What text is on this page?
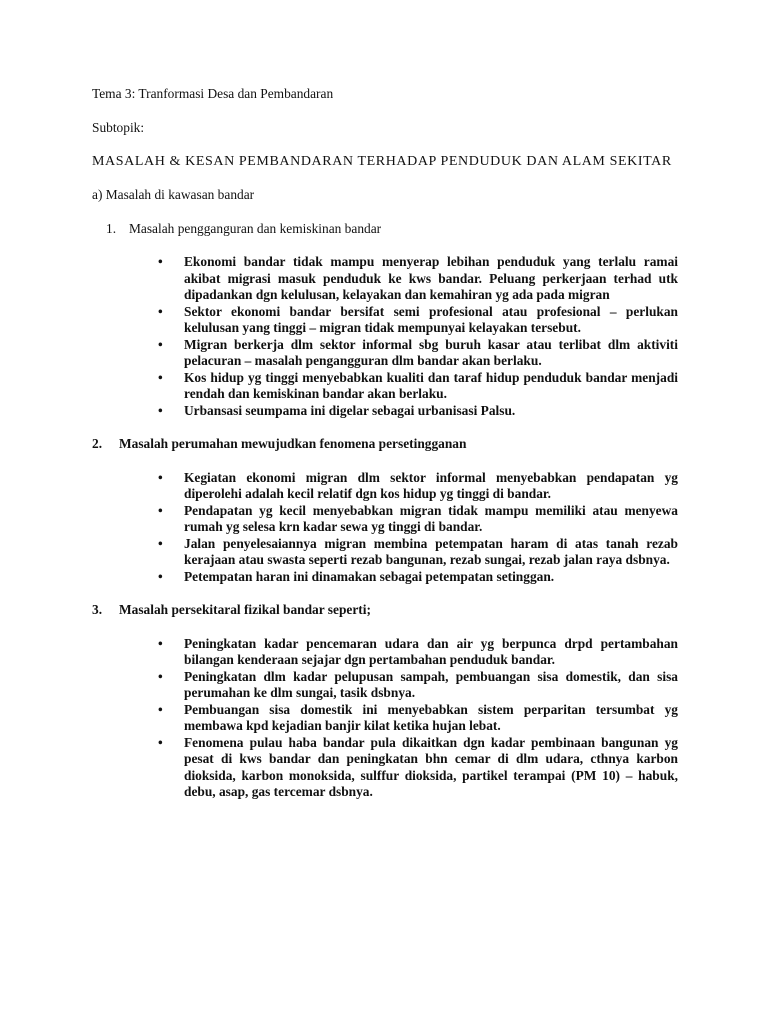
Tema 3: Tranformasi Desa dan Pembandaran

Subtopik:

MASALAH & KESAN PEMBANDARAN TERHADAP PENDUDUK DAN ALAM SEKITAR

a) Masalah di kawasan bandar

1. Masalah pengganguran dan kemiskinan bandar
• Ekonomi bandar tidak mampu menyerap lebihan penduduk yang terlalu ramai akibat migrasi masuk penduduk ke kws bandar. Peluang perkerjaan terhad utk dipadankan dgn kelulusan, kelayakan dan kemahiran yg ada pada migran
• Sektor ekonomi bandar bersifat semi profesional atau profesional – perlukan kelulusan yang tinggi – migran tidak mempunyai kelayakan tersebut.
• Migran berkerja dlm sektor informal sbg buruh kasar atau terlibat dlm aktiviti pelacuran – masalah pengangguran dlm bandar akan berlaku.
• Kos hidup yg tinggi menyebabkan kualiti dan taraf hidup penduduk bandar menjadi rendah dan kemiskinan bandar akan berlaku.
• Urbansasi seumpama ini digelar sebagai urbanisasi Palsu.
2.	Masalah perumahan mewujudkan fenomena persetingganan
• Kegiatan ekonomi migran dlm sektor informal menyebabkan pendapatan yg diperolehi adalah kecil relatif dgn kos hidup yg tinggi di bandar.
• Pendapatan yg kecil menyebabkan migran tidak mampu memiliki atau menyewa rumah yg selesa krn kadar sewa yg tinggi di bandar.
• Jalan penyelesaiannya migran membina petempatan haram di atas tanah rezab kerajaan atau swasta seperti rezab bangunan, rezab sungai, rezab jalan raya dsbnya.
• Petempatan haran ini dinamakan sebagai petempatan setinggan.
3.	Masalah persekitaral fizikal bandar seperti;
• Peningkatan kadar pencemaran udara dan air yg berpunca drpd pertambahan bilangan kenderaan sejajar dgn pertambahan penduduk bandar.
• Peningkatan dlm kadar pelupusan sampah, pembuangan sisa domestik, dan sisa perumahan ke dlm sungai, tasik dsbnya.
• Pembuangan sisa domestik ini menyebabkan sistem perparitan tersumbat yg membawa kpd kejadian banjir kilat ketika hujan lebat.
• Fenomena pulau haba bandar pula dikaitkan dgn kadar pembinaan bangunan yg pesat di kws bandar dan peningkatan bhn cemar di dlm udara, cthnya karbon dioksida, karbon monoksida, sulffur dioksida, partikel terampai (PM 10) – habuk, debu, asap, gas tercemar dsbnya.
